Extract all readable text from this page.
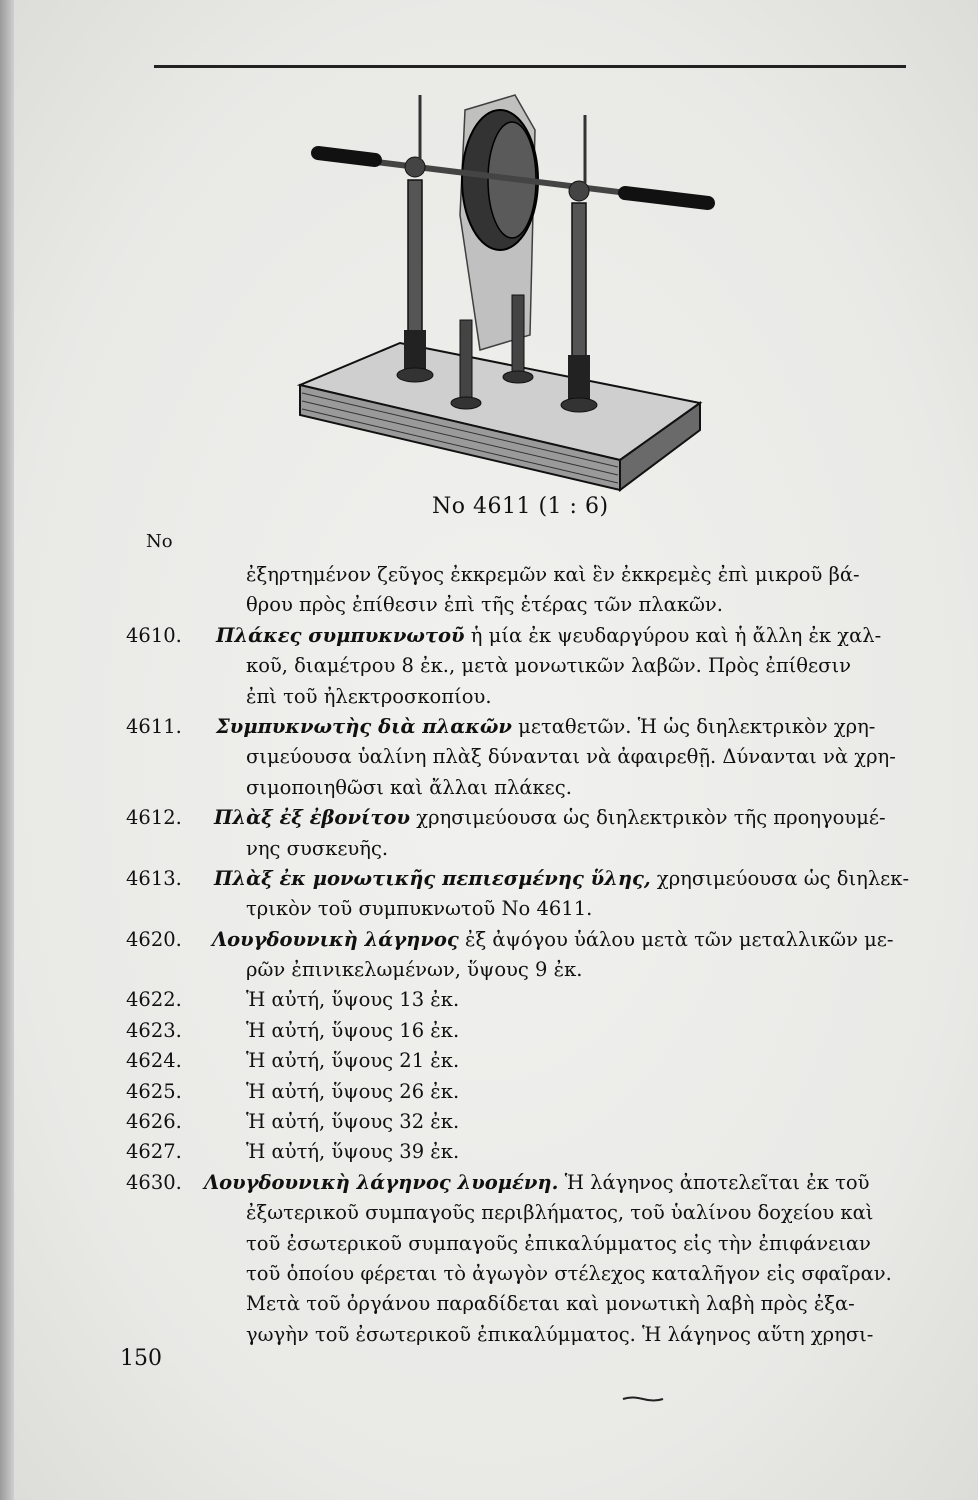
No 4611 (1 : 6)
No
ἐξηρτημένον ζεῦγος ἐκκρεμῶν καὶ ἓν ἐκκρεμὲς ἐπὶ μικροῦ βά-
θρου πρὸς ἐπίθεσιν ἐπὶ τῆς ἑτέρας τῶν πλακῶν.
4610. Πλάκες συμπυκνωτοῦ ἡ μία ἐκ ψευδαργύρου καὶ ἡ ἄλλη ἐκ χαλ-
κοῦ, διαμέτρου 8 ἐκ., μετὰ μονωτικῶν λαβῶν. Πρὸς ἐπίθεσιν
ἐπὶ τοῦ ἠλεκτροσκοπίου.
4611. Συμπυκνωτὴς διὰ πλακῶν μεταθετῶν. Ἡ ὡς διηλεκτρικὸν χρη-
σιμεύουσα ὑαλίνη πλὰξ δύνανται νὰ ἀφαιρεθῇ. Δύνανται νὰ χρη-
σιμοποιηθῶσι καὶ ἄλλαι πλάκες.
4612. Πλὰξ ἐξ ἐβονίτου χρησιμεύουσα ὡς διηλεκτρικὸν τῆς προηγουμέ-
νης συσκευῆς.
4613. Πλὰξ ἐκ μονωτικῆς πεπιεσμένης ὕλης, χρησιμεύουσα ὡς διηλεκ-
τρικὸν τοῦ συμπυκνωτοῦ No 4611.
4620. Λουγδουνικὴ λάγηνος ἐξ ἀψόγου ὑάλου μετὰ τῶν μεταλλικῶν με-
ρῶν ἐπινικελωμένων, ὕψους 9 ἐκ.
4622.	Ἡ αὐτή, ὕψους 13 ἐκ.
4623.	Ἡ αὐτή, ὕψους 16 ἐκ.
4624.	Ἡ αὐτή, ὕψους 21 ἐκ.
4625.	Ἡ αὐτή, ὕψους 26 ἐκ.
4626.	Ἡ αὐτή, ὕψους 32 ἐκ.
4627.	Ἡ αὐτή, ὕψους 39 ἐκ.
4630. Λουγδουνικὴ λάγηνος λυομένη. Ἡ λάγηνος ἀποτελεῖται ἐκ τοῦ
ἐξωτερικοῦ συμπαγοῦς περιβλήματος, τοῦ ὑαλίνου δοχείου καὶ
τοῦ ἐσωτερικοῦ συμπαγοῦς ἐπικαλύμματος εἰς τὴν ἐπιφάνειαν
τοῦ ὁποίου φέρεται τὸ ἀγωγὸν στέλεχος καταλῆγον εἰς σφαῖραν.
Μετὰ τοῦ ὀργάνου παραδίδεται καὶ μονωτικὴ λαβὴ πρὸς ἐξα-
γωγὴν τοῦ ἐσωτερικοῦ ἐπικαλύμματος. Ἡ λάγηνος αὕτη χρησι-
150
